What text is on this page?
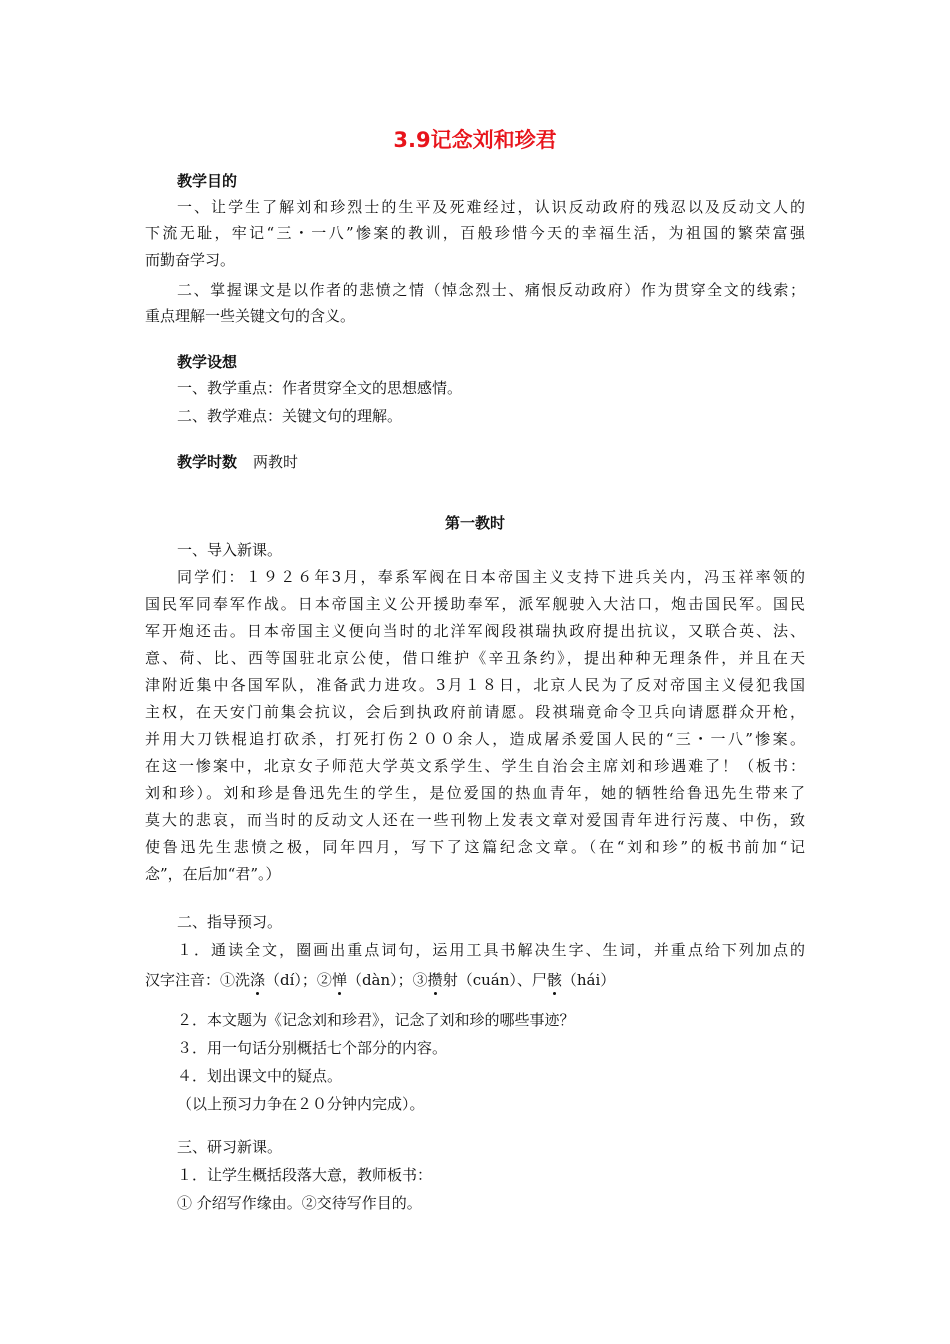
3.9记念刘和珍君
教学目的
一、让学生了解刘和珍烈士的生平及死难经过，认识反动政府的残忍以及反动文人的
下流无耻，牢记“三・一八”惨案的教训，百般珍惜今天的幸福生活，为祖国的繁荣富强
而勤奋学习。
二、掌握课文是以作者的悲愤之情（悼念烈士、痛恨反动政府）作为贯穿全文的线索；
重点理解一些关键文句的含义。
教学设想
一、教学重点：作者贯穿全文的思想感情。
二、教学难点：关键文句的理解。
教学时数 两教时
第一教时
一、导入新课。
同学们：１９２６年3月，奉系军阀在日本帝国主义支持下进兵关内，冯玉祥率领的
国民军同奉军作战。日本帝国主义公开援助奉军，派军舰驶入大沽口，炮击国民军。国民
军开炮还击。日本帝国主义便向当时的北洋军阀段祺瑞执政府提出抗议，又联合英、法、
意、荷、比、西等国驻北京公使，借口维护《辛丑条约》，提出种种无理条件，并且在天
津附近集中各国军队，准备武力进攻。3月１８日，北京人民为了反对帝国主义侵犯我国
主权，在天安门前集会抗议，会后到执政府前请愿。段祺瑞竟命令卫兵向请愿群众开枪，
并用大刀铁棍追打砍杀，打死打伤２００余人，造成屠杀爱国人民的“三・一八”惨案。
在这一惨案中，北京女子师范大学英文系学生、学生自治会主席刘和珍遇难了！（板书：
刘和珍）。刘和珍是鲁迅先生的学生，是位爱国的热血青年，她的牺牲给鲁迅先生带来了
莫大的悲哀，而当时的反动文人还在一些刊物上发表文章对爱国青年进行污蔑、中伤，致
使鲁迅先生悲愤之极，同年四月，写下了这篇纪念文章。（在“刘和珍”的板书前加“记
念”，在后加“君”。）
二、指导预习。
１．通读全文，圈画出重点词句，运用工具书解决生字、生词，并重点给下列加点的
汉字注音：①洗涤（dí）；②惮（dàn）；③攒射（cuán）、尸骸（hái）
２．本文题为《记念刘和珍君》，记念了刘和珍的哪些事迹？
３．用一句话分别概括七个部分的内容。
４．划出课文中的疑点。
（以上预习力争在２０分钟内完成）。
三、研习新课。
１．让学生概括段落大意，教师板书：
① 介绍写作缘由。②交待写作目的。
